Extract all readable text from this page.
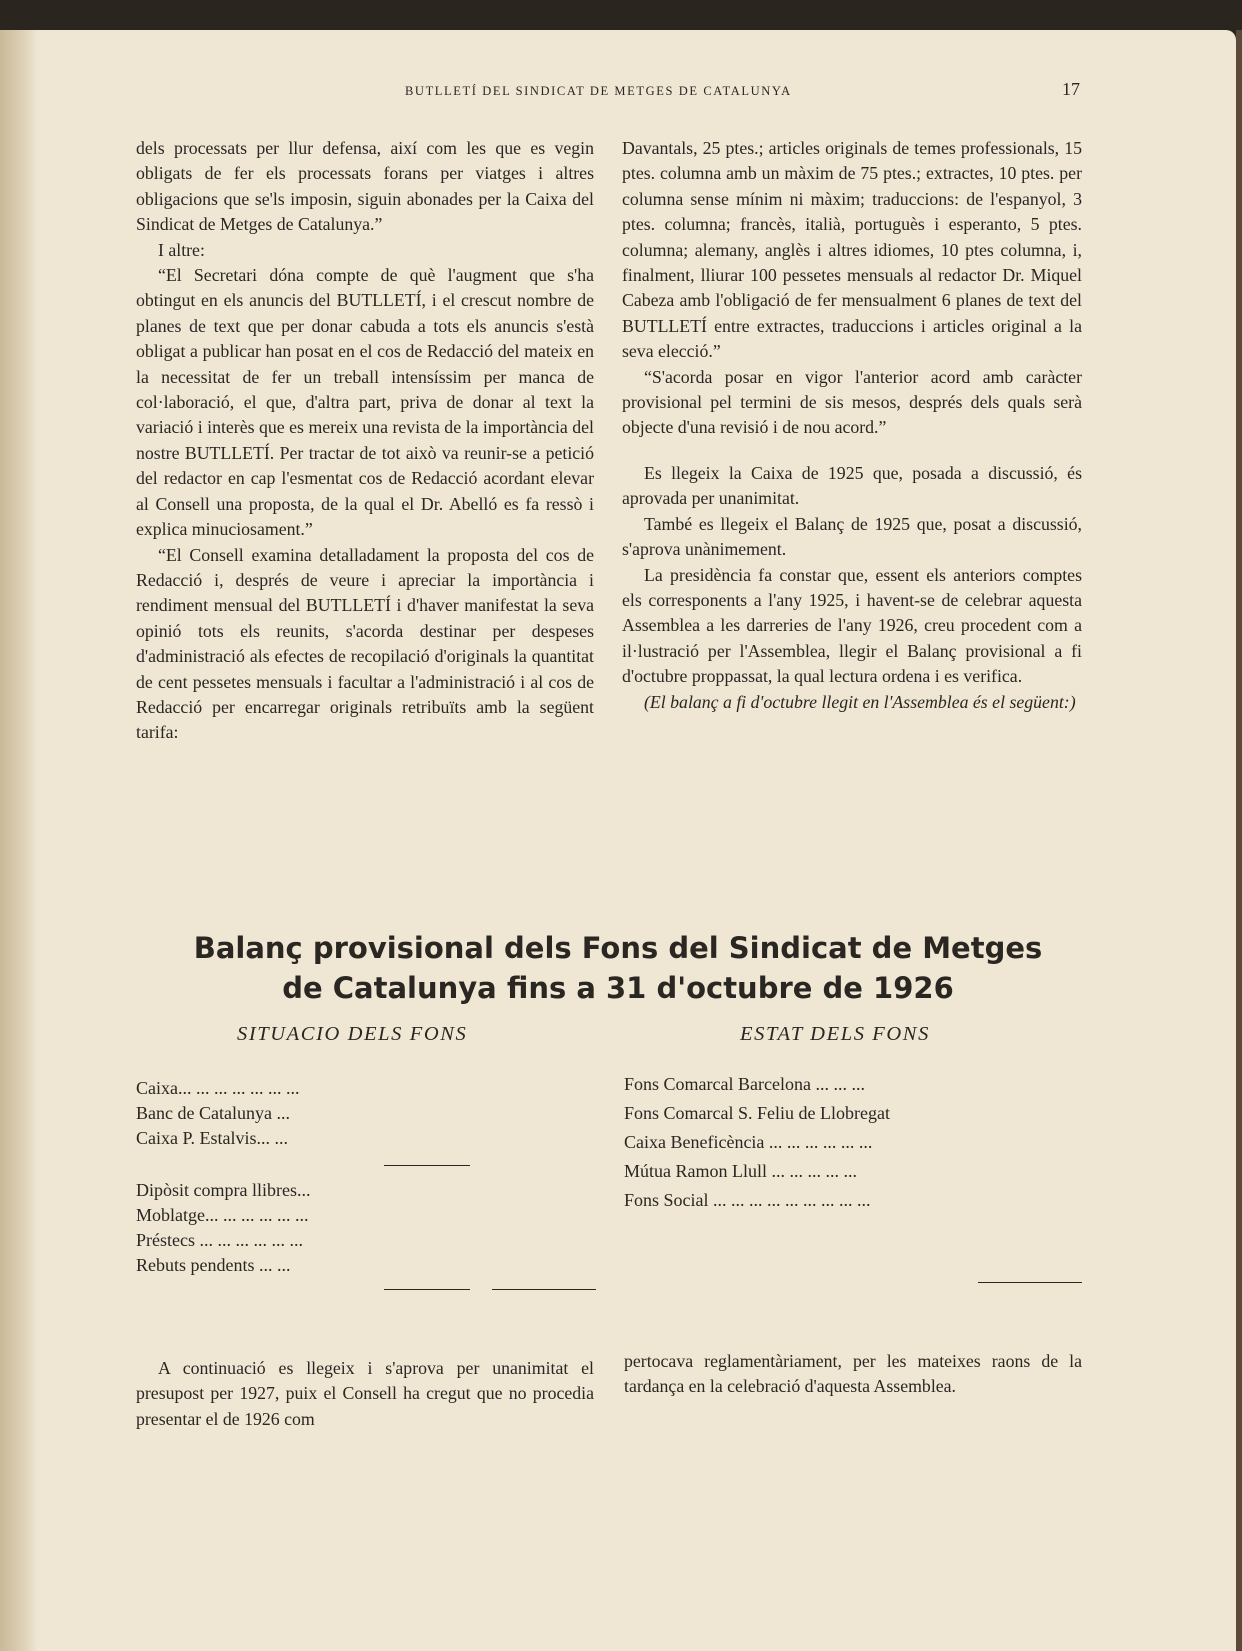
BUTLLETÍ DEL SINDICAT DE METGES DE CATALUNYA	17

dels processats per llur defensa, així com les que es vegin obligats de fer els processats forans per viatges i altres obligacions que se'ls imposin, siguin abonades per la Caixa del Sindicat de Metges de Catalunya.”

I altre:

“El Secretari dóna compte de què l'augment que s'ha obtingut en els anuncis del BUTLLETÍ, i el crescut nombre de planes de text que per donar cabuda a tots els anuncis s'està obligat a publicar han posat en el cos de Redacció del mateix en la necessitat de fer un treball intensíssim per manca de col·laboració, el que, d'altra part, priva de donar al text la variació i interès que es mereix una revista de la importància del nostre BUTLLETÍ. Per tractar de tot això va reunir-se a petició del redactor en cap l'esmentat cos de Redacció acordant elevar al Consell una proposta, de la qual el Dr. Abelló es fa ressò i explica minuciosament.”

“El Consell examina detalladament la proposta del cos de Redacció i, després de veure i apreciar la importància i rendiment mensual del BUTLLETÍ i d'haver manifestat la seva opinió tots els reunits, s'acorda destinar per despeses d'administració als efectes de recopilació d'originals la quantitat de cent pessetes mensuals i facultar a l'administració i al cos de Redacció per encarregar originals retribuïts amb la següent tarifa:

Davantals, 25 ptes.; articles originals de temes professionals, 15 ptes. columna amb un màxim de 75 ptes.; extractes, 10 ptes. per columna sense mínim ni màxim; traduccions: de l'espanyol, 3 ptes. columna; francès, italià, portuguès i esperanto, 5 ptes. columna; alemany, anglès i altres idiomes, 10 ptes columna, i, finalment, lliurar 100 pessetes mensuals al redactor Dr. Miquel Cabeza amb l'obligació de fer mensualment 6 planes de text del BUTLLETÍ entre extractes, traduccions i articles original a la seva elecció.”

“S'acorda posar en vigor l'anterior acord amb caràcter provisional pel termini de sis mesos, després dels quals serà objecte d'una revisió i de nou acord.”

Es llegeix la Caixa de 1925 que, posada a discussió, és aprovada per unanimitat.

També es llegeix el Balanç de 1925 que, posat a discussió, s'aprova unànimement.

La presidència fa constar que, essent els anteriors comptes els corresponents a l'any 1925, i havent-se de celebrar aquesta Assemblea a les darreries de l'any 1926, creu procedent com a il·lustració per l'Assemblea, llegir el Balanç provisional a fi d'octubre proppassat, la qual lectura ordena i es verifica.

(El balanç a fi d'octubre llegit en l'Assemblea és el següent:)

Balanç provisional dels Fons del Sindicat de Metges
de Catalunya fins a 31 d'octubre de 1926
SITUACIO DELS FONS	ESTAT DELS FONS
Caixa... ... ... ... ... ... ...
Banc de Catalunya ...
Caixa P. Estalvis... ...
Dipòsit compra llibres...
Moblatge... ... ... ... ... ...
Préstecs ... ... ... ... ... ...
Rebuts pendents ... ...
Fons Comarcal Barcelona ... ... ...
Fons Comarcal S. Feliu de Llobregat
Caixa Beneficència ... ... ... ... ... ...
Mútua Ramon Llull ... ... ... ... ...
Fons Social ... ... ... ... ... ... ... ... ...
A continuació es llegeix i s'aprova per unanimitat el presupost per 1927, puix el Consell ha cregut que no procedia presentar el de 1926 com
pertocava reglamentàriament, per les mateixes raons de la tardança en la celebració d'aquesta Assemblea.
